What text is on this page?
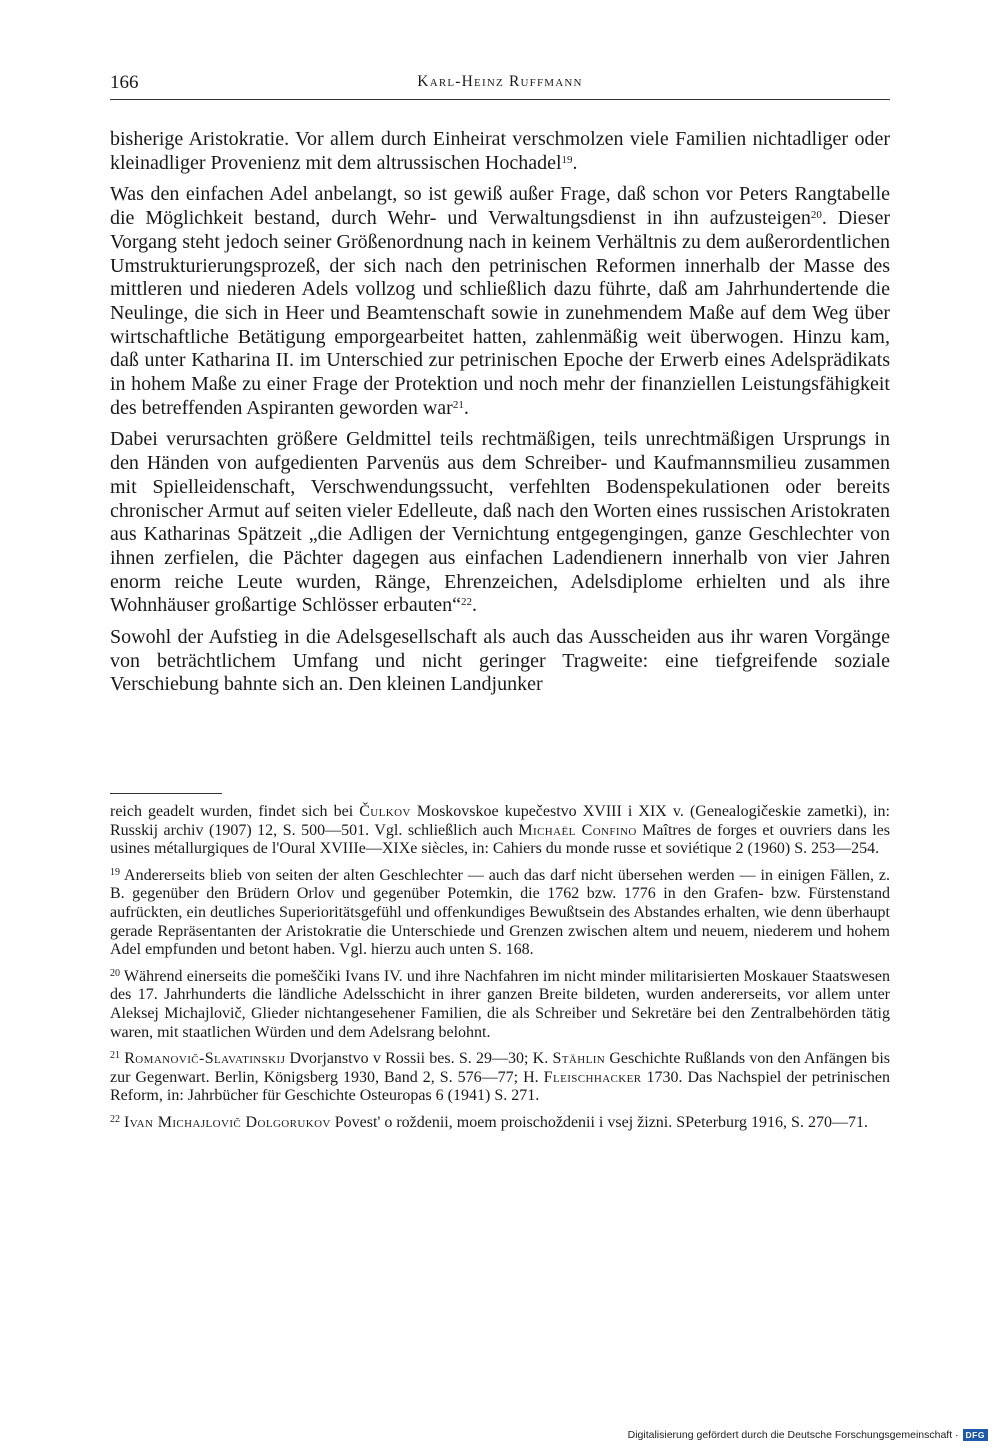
166	Karl-Heinz Ruffmann

bisherige Aristokratie. Vor allem durch Einheirat verschmolzen viele Familien nichtadliger oder kleinadliger Provenienz mit dem altrussischen Hochadel$^{19}$.

Was den einfachen Adel anbelangt, so ist gewiß außer Frage, daß schon vor Peters Rangtabelle die Möglichkeit bestand, durch Wehr- und Verwaltungsdienst in ihn aufzusteigen$^{20}$. Dieser Vorgang steht jedoch seiner Größenordnung nach in keinem Verhältnis zu dem außerordentlichen Umstrukturierungsprozeß, der sich nach den petrinischen Reformen innerhalb der Masse des mittleren und niederen Adels vollzog und schließlich dazu führte, daß am Jahrhundertende die Neulinge, die sich in Heer und Beamtenschaft sowie in zunehmendem Maße auf dem Weg über wirtschaftliche Betätigung emporgearbeitet hatten, zahlenmäßig weit überwogen. Hinzu kam, daß unter Katharina II. im Unterschied zur petrinischen Epoche der Erwerb eines Adelsprädikats in hohem Maße zu einer Frage der Protektion und noch mehr der finanziellen Leistungsfähigkeit des betreffenden Aspiranten geworden war$^{21}$.

Dabei verursachten größere Geldmittel teils rechtmäßigen, teils unrechtmäßigen Ursprungs in den Händen von aufgedienten Parvenüs aus dem Schreiber- und Kaufmannsmilieu zusammen mit Spielleidenschaft, Verschwendungssucht, verfehlten Bodenspekulationen oder bereits chronischer Armut auf seiten vieler Edelleute, daß nach den Worten eines russischen Aristokraten aus Katharinas Spätzeit „die Adligen der Vernichtung entgegengingen, ganze Geschlechter von ihnen zerfielen, die Pächter dagegen aus einfachen Ladendienern innerhalb von vier Jahren enorm reiche Leute wurden, Ränge, Ehrenzeichen, Adelsdiplome erhielten und als ihre Wohnhäuser großartige Schlösser erbauten“$^{22}$.

Sowohl der Aufstieg in die Adelsgesellschaft als auch das Ausscheiden aus ihr waren Vorgänge von beträchtlichem Umfang und nicht geringer Tragweite: eine tiefgreifende soziale Verschiebung bahnte sich an. Den kleinen Landjunker

reich geadelt wurden, findet sich bei Čulkov Moskovskoe kupečestvo XVIII i XIX v. (Genealogičeskie zametki), in: Russkij archiv (1907) 12, S. 500—501. Vgl. schließlich auch Michaël Confino Maîtres de forges et ouvriers dans les usines métallurgiques de l'Oural XVIIIe—XIXe siècles, in: Cahiers du monde russe et soviétique 2 (1960) S. 253—254.

$^{19}$ Andererseits blieb von seiten der alten Geschlechter — auch das darf nicht übersehen werden — in einigen Fällen, z. B. gegenüber den Brüdern Orlov und gegenüber Potemkin, die 1762 bzw. 1776 in den Grafen- bzw. Fürstenstand aufrückten, ein deutliches Superioritätsgefühl und offenkundiges Bewußtsein des Abstandes erhalten, wie denn überhaupt gerade Repräsentanten der Aristokratie die Unterschiede und Grenzen zwischen altem und neuem, niederem und hohem Adel empfunden und betont haben. Vgl. hierzu auch unten S. 168.

$^{20}$ Während einerseits die pomeščiki Ivans IV. und ihre Nachfahren im nicht minder militarisierten Moskauer Staatswesen des 17. Jahrhunderts die ländliche Adelsschicht in ihrer ganzen Breite bildeten, wurden andererseits, vor allem unter Aleksej Michajlovič, Glieder nichtangesehener Familien, die als Schreiber und Sekretäre bei den Zentralbehörden tätig waren, mit staatlichen Würden und dem Adelsrang belohnt.

$^{21}$ Romanovič-Slavatinskij Dvorjanstvo v Rossii bes. S. 29—30; K. Stählin Geschichte Rußlands von den Anfängen bis zur Gegenwart. Berlin, Königsberg 1930, Band 2, S. 576—77; H. Fleischhacker 1730. Das Nachspiel der petrinischen Reform, in: Jahrbücher für Geschichte Osteuropas 6 (1941) S. 271.

$^{22}$ Ivan Michajlovič Dolgorukov Povest' o roždenii, moem proischoždenii i vsej žizni. SPeterburg 1916, S. 270—71.

Digitalisierung gefördert durch die Deutsche Forschungsgemeinschaft · DFG
